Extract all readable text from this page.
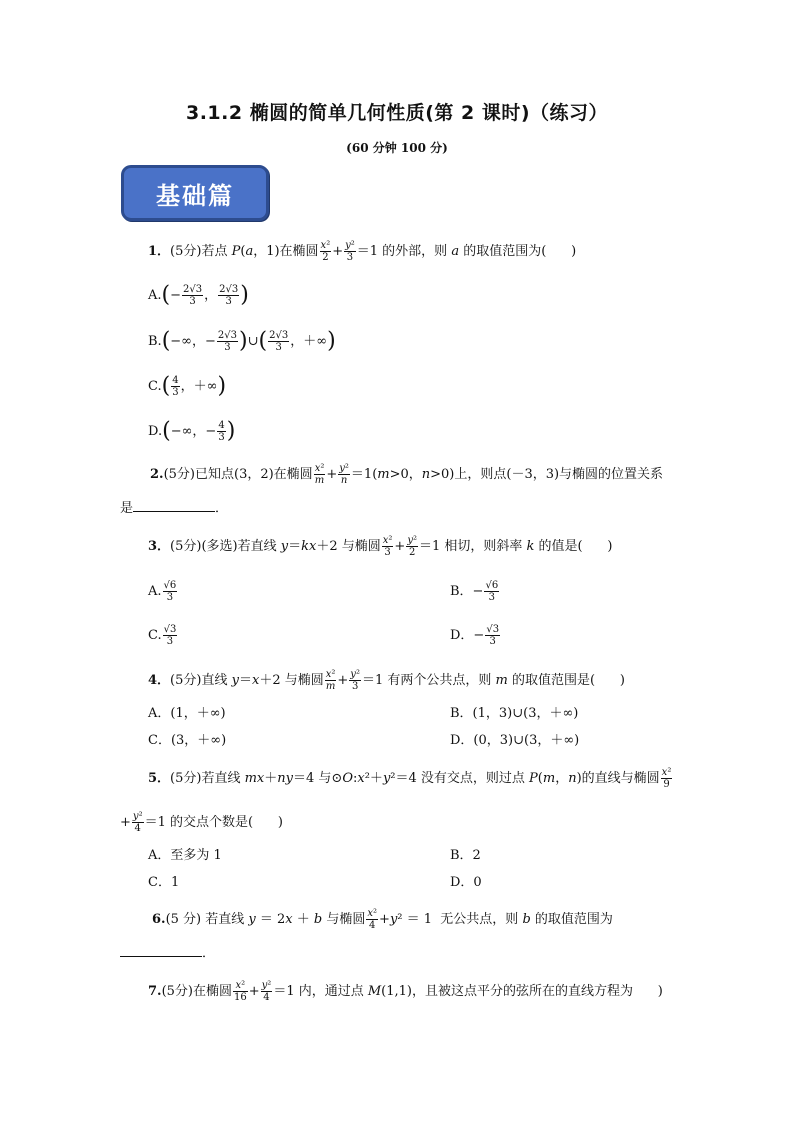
3.1.2 椭圆的简单几何性质(第 2 课时)（练习）
(60 分钟 100 分)
基础篇
1．(5分)若点 P(a，1)在椭圆 $\frac{\text{x²}}{2} + \frac{\text{y²}}{3} =1$ 的外部，则 a 的取值范围为(      )
$A.(- \frac{2√3}{3}$ ， $\frac{2√3}{3}$ )
B.(−∞，− $\frac{2√3}{3}$ )∪( $\frac{2√3}{3}$ ，＋∞)
$C.( \frac{4}{3}$ ，＋∞)
D.(−∞，− $\frac{4}{3}$ )
2.(5分)已知点(3，2)在椭圆 $\frac{\text{x²}}{m} + \frac{\text{y²}}{n} =1(m>0$，n>0)上，则点(－3，3)与椭圆的位置关系
是	．
3．(5分)(多选)若直线 y＝kx＋2 与椭圆 $\frac{\text{x²}}{3} + \frac{\text{y²}}{2} =1$ 相切，则斜率 k 的值是(      )
A. $\frac{√6}{3}$	B．− $\frac{√6}{3}$
C. $\frac{√3}{3}$	D．− $\frac{√3}{3}$
4．(5分)直线 y＝x＋2 与椭圆 $\frac{\text{x²}}{m} + \frac{\text{y²}}{3} =1$ 有两个公共点，则 m 的取值范围是(      )
A．(1，＋∞)	B．(1，3)∪(3，＋∞)
C．(3，＋∞)	D．(0，3)∪(3，＋∞)
5．(5分)若直线 mx＋ny＝4 与⊙O:x²＋y²＝4 没有交点，则过点 P(m，n)的直线与椭圆 $\frac{\text{x²}}{9}$
+ $\frac{\text{y²}}{4} =1$ 的交点个数是(      )
A．至多为 1	B．2
C．1	D．0
6.(5 分) 若直线 y ＝ 2x ＋ b 与椭圆 $\frac{\text{x²}}{4} +y^2 = 1$  无公共点，则 b 的取值范围为
．
7.(5分)在椭圆 $\frac{\text{x²}}{16} + \frac{\text{y²}}{4} =1$ 内，通过点 M(1,1)，且被这点平分的弦所在的直线方程为      )
